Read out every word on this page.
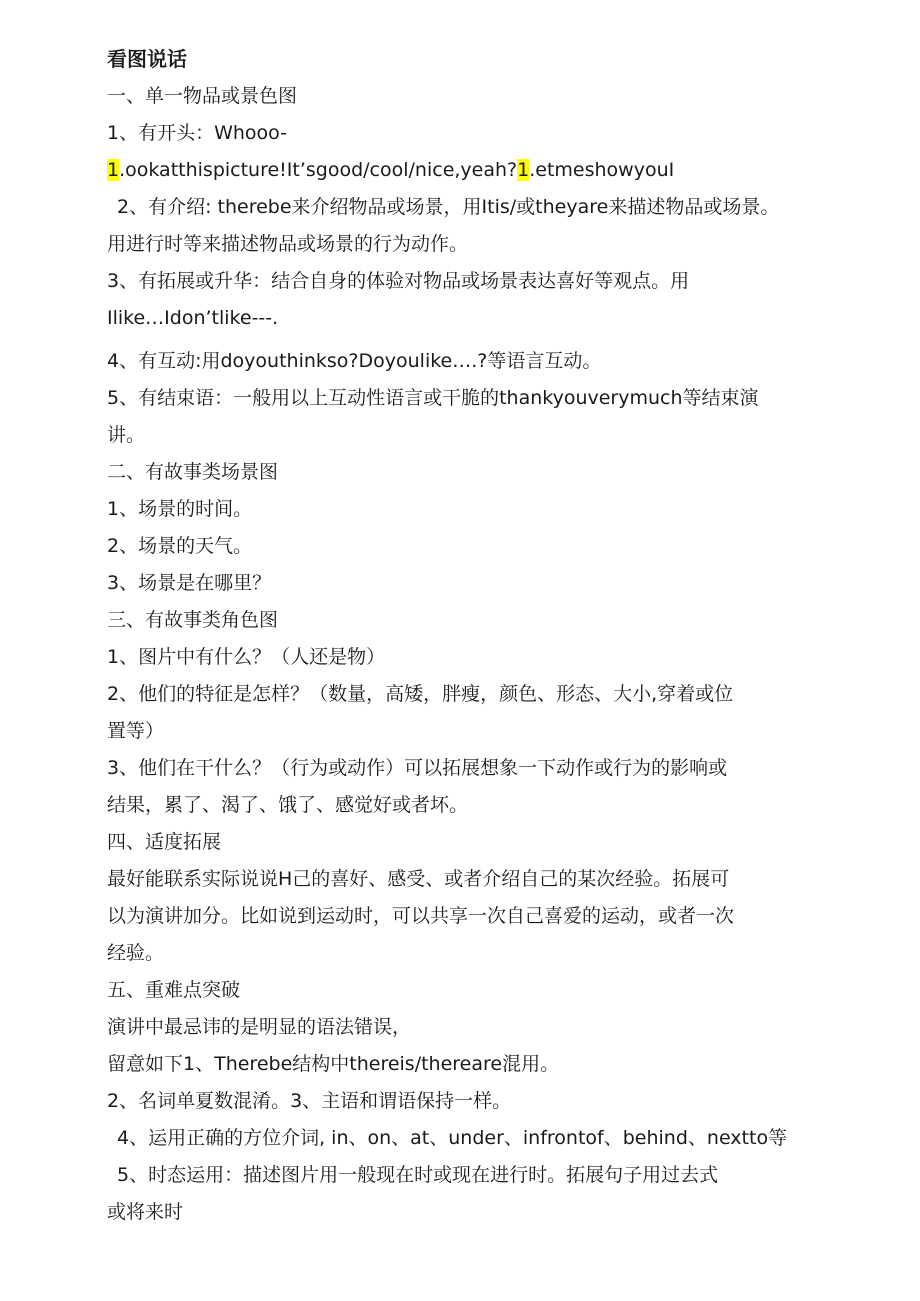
看图说话
一、单一物品或景色图
1、有开头：Whooo-
1.ookatthispicture!It’sgood/cool/nice,yeah?1.etmeshowyouI
2、有介绍: therebe来介绍物品或场景，用Itis/或theyare来描述物品或场景。
用进行时等来描述物品或场景的行为动作。
3、有拓展或升华：结合自身的体验对物品或场景表达喜好等观点。用
Ilike…Idon’tlike---.
4、有互动:用doyouthinkso?Doyoulike….?等语言互动。
5、有结束语：一般用以上互动性语言或干脆的thankyouverymuch等结束演
讲。
二、有故事类场景图
1、场景的时间。
2、场景的天气。
3、场景是在哪里？
三、有故事类角色图
1、图片中有什么？（人还是物）
2、他们的特征是怎样？（数量，高矮，胖瘦，颜色、形态、大小,穿着或位
置等）
3、他们在干什么？（行为或动作）可以拓展想象一下动作或行为的影响或
结果，累了、渴了、饿了、感觉好或者坏。
四、适度拓展
最好能联系实际说说H己的喜好、感受、或者介绍自己的某次经验。拓展可
以为演讲加分。比如说到运动时，可以共享一次自己喜爱的运动，或者一次
经验。
五、重难点突破
演讲中最忌讳的是明显的语法错误，
留意如下1、Therebe结构中thereis/thereare混用。
2、名词单夏数混淆。3、主语和谓语保持一样。
4、运用正确的方位介词, in、on、at、under、infrontof、behind、nextto等
5、时态运用：描述图片用一般现在时或现在进行时。拓展句子用过去式
或将来时
